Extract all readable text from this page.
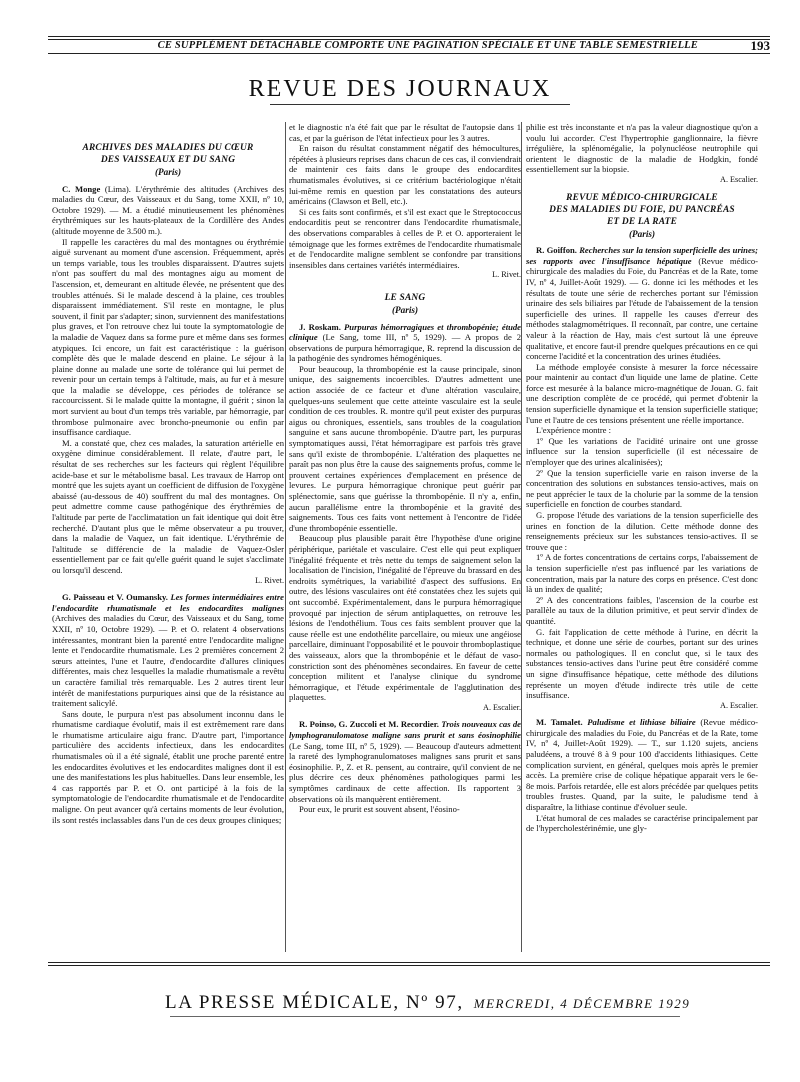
CE SUPPLÉMENT DÉTACHABLE COMPORTE UNE PAGINATION SPÉCIALE ET UNE TABLE SEMESTRIELLE	193
REVUE DES JOURNAUX
ARCHIVES DES MALADIES DU CŒUR
DES VAISSEAUX ET DU SANG
(Paris)

C. Monge (Lima). L'érythrémie des altitudes (Archives des maladies du Cœur, des Vaisseaux et du Sang, tome XXII, nº 10, Octobre 1929). — M. a étudié minutieusement les phénomènes érythrémiques sur les hauts-plateaux de la Cordillère des Andes (altitude moyenne de 3.500 m.).

Il rappelle les caractères du mal des montagnes ou érythrémie aiguë survenant au moment d'une ascension. Fréquemment, après un temps variable, tous les troubles disparaissent. D'autres sujets n'ont pas souffert du mal des montagnes aigu au moment de l'ascension, et, demeurant en altitude élevée, ne présentent que des troubles atténués. Si le malade descend à la plaine, ces troubles disparaissent immédiatement. S'il reste en montagne, le plus souvent, il finit par s'adapter; sinon, surviennent des manifestations plus graves, et l'on retrouve chez lui toute la symptomatologie de la maladie de Vaquez dans sa forme pure et même dans ses formes atypiques. Ici encore, un fait est caractéristique : la guérison complète dès que le malade descend en plaine. Le séjour à la plaine donne au malade une sorte de tolérance qui lui permet de revenir pour un certain temps à l'altitude, mais, au fur et à mesure que la maladie se développe, ces périodes de tolérance se raccourcissent. Si le malade quitte la montagne, il guérit ; sinon la mort survient au bout d'un temps très variable, par hémorragie, par thrombose pulmonaire avec broncho-pneumonie ou enfin par insuffisance cardiaque.

M. a constaté que, chez ces malades, la saturation artérielle en oxygène diminue considérablement. Il relate, d'autre part, le résultat de ses recherches sur les facteurs qui règlent l'équilibre acide-base et sur le métabolisme basal. Les travaux de Harrop ont montré que les sujets ayant un coefficient de diffusion de l'oxygène abaissé (au-dessous de 40) souffrent du mal des montagnes. On peut admettre comme cause pathogénique des érythrémies de l'altitude par perte de l'acclimatation un fait identique qui doit être recherché. D'autant plus que le même observateur a pu trouver, dans la maladie de Vaquez, un fait identique. L'érythrémie de l'altitude se différencie de la maladie de Vaquez-Osler essentiellement par ce fait qu'elle guérit quand le sujet s'acclimate ou lorsqu'il descend.

L. Rivet.

G. Paisseau et V. Oumansky. Les formes intermédiaires entre l'endocardite rhumatismale et les endocardites malignes (Archives des maladies du Cœur, des Vaisseaux et du Sang, tome XXII, nº 10, Octobre 1929). — P. et O. relatent 4 observations intéressantes, montrant bien la parenté entre l'endocardite maligne lente et l'endocardite rhumatismale. Les 2 premières concernent 2 sœurs atteintes, l'une et l'autre, d'endocardite d'allures cliniques différentes, mais chez lesquelles la maladie rhumatismale a revêtu un caractère familial très remarquable. Les 2 autres tirent leur intérêt de manifestations purpuriques ainsi que de la résistance au traitement salicylé.

Sans doute, le purpura n'est pas absolument inconnu dans le rhumatisme cardiaque évolutif, mais il est extrêmement rare dans le rhumatisme articulaire aigu franc. D'autre part, l'importance particulière des accidents infectieux, dans les endocardites rhumatismales où il a été signalé, établit une proche parenté entre les endocardites évolutives et les endocardites malignes dont il est une des manifestations les plus habituelles. Dans leur ensemble, les 4 cas rapportés par P. et O. ont participé à la fois de la symptomatologie de l'endocardite rhumatismale et de l'endocardite maligne. On peut avancer qu'à certains moments de leur évolution, ils sont restés inclassables dans l'un de ces deux groupes cliniques;

et le diagnostic n'a été fait que par le résultat de l'autopsie dans 1 cas, et par la guérison de l'état infectieux pour les 3 autres.

En raison du résultat constamment négatif des hémocultures, répétées à plusieurs reprises dans chacun de ces cas, il conviendrait de maintenir ces faits dans le groupe des endocardites rhumatismales évolutives, si ce critérium bactériologique n'était lui-même remis en question par les constatations des auteurs américains (Clawson et Bell, etc.).

Si ces faits sont confirmés, et s'il est exact que le Streptococcus endocarditis peut se rencontrer dans l'endocardite rhumatismale, des observations comparables à celles de P. et O. apporteraient le témoignage que les formes extrêmes de l'endocardite rhumatismale et de l'endocardite maligne semblent se confondre par transitions insensibles dans certaines variétés intermédiaires.

L. Rivet.
LE SANG
(Paris)

J. Roskam. Purpuras hémorragiques et thrombopénie; étude clinique (Le Sang, tome III, nº 5, 1929). — A propos de 2 observations de purpura hémorragique, R. reprend la discussion de la pathogénie des syndromes hémogéniques.

Pour beaucoup, la thrombopénie est la cause principale, sinon unique, des saignements incoercibles. D'autres admettent une action associée de ce facteur et d'une altération vasculaire, quelques-uns seulement que cette atteinte vasculaire est la seule condition de ces troubles. R. montre qu'il peut exister des purpuras aigus ou chroniques, essentiels, sans troubles de la coagulation sanguine et sans aucune thrombopénie. D'autre part, les purpuras symptomatiques aussi, l'état hémorragipare est parfois très grave sans qu'il existe de thrombopénie. L'altération des plaquettes ne paraît pas non plus être la cause des saignements profus, comme le prouvent certaines expériences d'emplacement en présence de levures. Le purpura hémorragique chronique peut guérir par splénectomie, sans que guérisse la thrombopénie. Il n'y a, enfin, aucun parallélisme entre la thrombopénie et la gravité des saignements. Tous ces faits vont nettement à l'encontre de l'idée d'une thrombopénie essentielle.

Beaucoup plus plausible parait être l'hypothèse d'une origine périphérique, pariétale et vasculaire. C'est elle qui peut expliquer l'inégalité fréquente et très nette du temps de saignement selon la localisation de l'incision, l'inégalité de l'épreuve du brassard en des endroits symétriques, la variabilité d'aspect des suffusions. En outre, des lésions vasculaires ont été constatées chez les sujets qui ont succombé. Expérimentalement, dans le purpura hémorragique provoqué par injection de sérum antiplaquettes, on retrouve les lésions de l'endothélium. Tous ces faits semblent prouver que la cause réelle est une endothélite parcellaire, ou mieux une angéiose parcellaire, diminuant l'opposabilité et le pouvoir thromboplastique des vaisseaux, alors que la thrombopénie et le défaut de vaso-constriction sont des phénomènes secondaires. En faveur de cette conception militent et l'analyse clinique du syndrome hémorragique, et l'étude expérimentale de l'agglutination des plaquettes.

A. Escalier.

R. Poinso, G. Zuccoli et M. Recordier. Trois nouveaux cas de lymphogranulomatose maligne sans prurit et sans éosinophilie (Le Sang, tome III, nº 5, 1929). — Beaucoup d'auteurs admettent la rareté des lymphogranulomatoses malignes sans prurit et sans éosinophilie. P., Z. et R. pensent, au contraire, qu'il convient de ne plus décrire ces deux phénomènes pathologiques parmi les symptômes cardinaux de cette affection. Ils rapportent 3 observations où ils manquèrent entièrement.

Pour eux, le prurit est souvent absent, l'éosino-

philie est très inconstante et n'a pas la valeur diagnostique qu'on a voulu lui accorder. C'est l'hypertrophie ganglionnaire, la fièvre irrégulière, la splénomégalie, la polynucléose neutrophile qui orientent le diagnostic de la maladie de Hodgkin, fondé essentiellement sur la biopsie.

A. Escalier.
REVUE MÉDICO-CHIRURGICALE
DES MALADIES DU FOIE, DU PANCRÉAS
ET DE LA RATE
(Paris)

R. Goiffon. Recherches sur la tension superficielle des urines; ses rapports avec l'insuffisance hépatique (Revue médico-chirurgicale des maladies du Foie, du Pancréas et de la Rate, tome IV, nº 4, Juillet-Août 1929). — G. donne ici les méthodes et les résultats de toute une série de recherches portant sur l'émission urinaire des sels biliaires par l'étude de l'abaissement de la tension superficielle des urines. Il rappelle les causes d'erreur des méthodes stalagmométriques. Il reconnaît, par contre, une certaine valeur à la réaction de Hay, mais c'est surtout là une épreuve qualitative, et encore faut-il prendre quelques précautions en ce qui concerne l'acidité et la concentration des urines étudiées.

La méthode employée consiste à mesurer la force nécessaire pour maintenir au contact d'un liquide une lame de platine. Cette force est mesurée à la balance micro-magnétique de Jouan. G. fait une description complète de ce procédé, qui permet d'obtenir la tension superficielle dynamique et la tension superficielle statique; l'une et l'autre de ces tensions présentent une réelle importance.

L'expérience montre :

1º Que les variations de l'acidité urinaire ont une grosse influence sur la tension superficielle (il est nécessaire de n'employer que des urines alcalinisées);

2º Que la tension superficielle varie en raison inverse de la concentration des solutions en substances tensio-actives, mais on ne peut apprécier le taux de la cholurie par la somme de la tension superficielle en fonction de courbes standard.

G. propose l'étude des variations de la tension superficielle des urines en fonction de la dilution. Cette méthode donne des renseignements précieux sur les substances tensio-actives. Il se trouve que :

1º A de fortes concentrations de certains corps, l'abaissement de la tension superficielle n'est pas influencé par les variations de concentration, mais par la nature des corps en présence. C'est donc là un index de qualité;

2º A des concentrations faibles, l'ascension de la courbe est parallèle au taux de la dilution primitive, et peut servir d'index de quantité.

G. fait l'application de cette méthode à l'urine, en décrit la technique, et donne une série de courbes, portant sur des urines normales ou pathologiques. Il en conclut que, si le taux des substances tensio-actives dans l'urine peut être considéré comme un signe d'insuffisance hépatique, cette méthode des dilutions représente un moyen d'étude indirecte très utile de cette insuffisance.

A. Escalier.

M. Tamalet. Paludisme et lithiase biliaire (Revue médico-chirurgicale des maladies du Foie, du Pancréas et de la Rate, tome IV, nº 4, Juillet-Août 1929). — T., sur 1.120 sujets, anciens paludéens, a trouvé 8 à 9 pour 100 d'accidents lithiasiques. Cette complication survient, en général, quelques mois après le premier accès. La première crise de colique hépatique apparait vers le 6e-8e mois. Parfois retardée, elle est alors précédée par quelques petits troubles frustes. Quand, par la suite, le paludisme tend à disparaître, la lithiase continue d'évoluer seule.

L'état humoral de ces malades se caractérise principalement par de l'hypercholestérinémie, une gly-

LA PRESSE MÉDICALE, Nº 97, MERCREDI, 4 DÉCEMBRE 1929
